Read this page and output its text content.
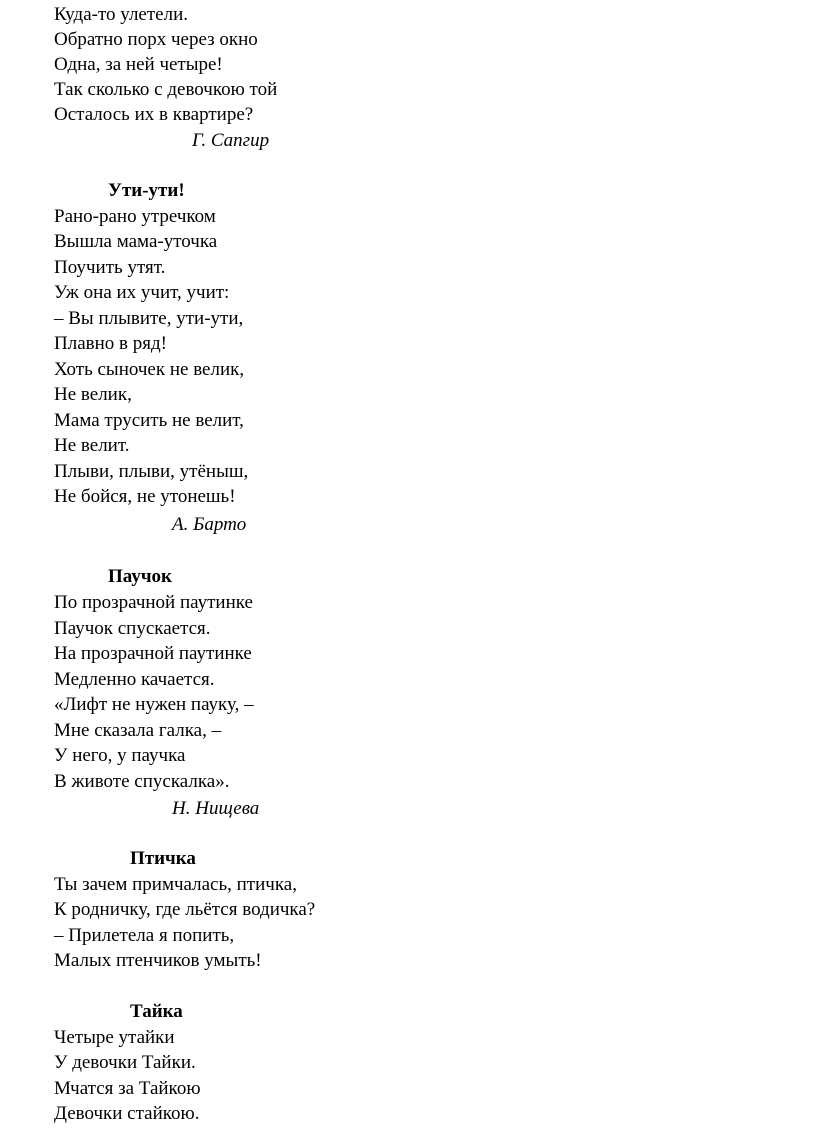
Куда-то улетели.
Обратно порх через окно
Одна, за ней четыре!
Так сколько с девочкою той
Осталось их в квартире?
Г. Сапгир
Ути-ути!
Рано-рано утречком
Вышла мама-уточка
Поучить утят.
Уж она их учит, учит:
– Вы плывите, ути-ути,
Плавно в ряд!
Хоть сыночек не велик,
Не велик,
Мама трусить не велит,
Не велит.
Плыви, плыви, утёныш,
Не бойся, не утонешь!
А. Барто
Паучок
По прозрачной паутинке
Паучок спускается.
На прозрачной паутинке
Медленно качается.
«Лифт не нужен пауку, –
Мне сказала галка, –
У него, у паучка
В животе спускалка».
Н. Нищева
Птичка
Ты зачем примчалась, птичка,
К родничку, где льётся водичка?
– Прилетела я попить,
Малых птенчиков умыть!
Тайка
Четыре утайки
У девочки Тайки.
Мчатся за Тайкою
Девочки стайкою.
